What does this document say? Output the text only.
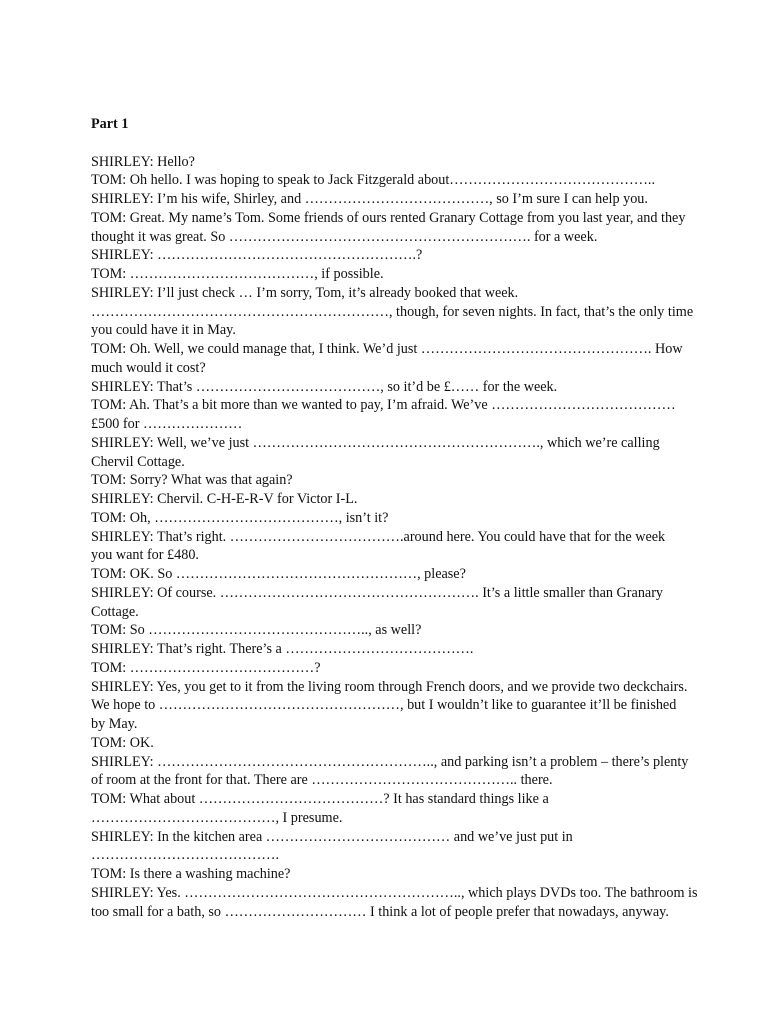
Part 1
SHIRLEY: Hello?
TOM: Oh hello. I was hoping to speak to Jack Fitzgerald about……………………………………..
SHIRLEY: I’m his wife, Shirley, and …………………………………, so I’m sure I can help you.
TOM: Great. My name’s Tom. Some friends of ours rented Granary Cottage from you last year, and they
thought it was great. So ………………………………………………………. for a week.
SHIRLEY: ……………………………………………….?
TOM: …………………………………, if possible.
SHIRLEY: I’ll just check … I’m sorry, Tom, it’s already booked that week.
………………………………………………………, though, for seven nights. In fact, that’s the only time
you could have it in May.
TOM: Oh. Well, we could manage that, I think. We’d just …………………………………………. How
much would it cost?
SHIRLEY: That’s …………………………………, so it’d be £…… for the week.
TOM: Ah. That’s a bit more than we wanted to pay, I’m afraid. We’ve …………………………………
£500 for …………………
SHIRLEY: Well, we’ve just ……………………………………………………., which we’re calling
Chervil Cottage.
TOM: Sorry? What was that again?
SHIRLEY: Chervil. C-H-E-R-V for Victor I-L.
TOM: Oh, …………………………………, isn’t it?
SHIRLEY: That’s right. ……………………………….around here. You could have that for the week
you want for £480.
TOM: OK. So ……………………………………………, please?
SHIRLEY: Of course. ………………………………………………. It’s a little smaller than Granary
Cottage.
TOM: So ……………………………………….., as well?
SHIRLEY: That’s right. There’s a ………………………………….
TOM: …………………………………?
SHIRLEY: Yes, you get to it from the living room through French doors, and we provide two deckchairs.
We hope to ……………………………………………, but I wouldn’t like to guarantee it’ll be finished
by May.
TOM: OK.
SHIRLEY: ………………………………………………….., and parking isn’t a problem – there’s plenty
of room at the front for that. There are …………………………………….. there.
TOM: What about …………………………………? It has standard things like a
…………………………………, I presume.
SHIRLEY: In the kitchen area ………………………………… and we’ve just put in
………………………………….
TOM: Is there a washing machine?
SHIRLEY: Yes. ………………………………………………….., which plays DVDs too. The bathroom is
too small for a bath, so ………………………… I think a lot of people prefer that nowadays, anyway.
